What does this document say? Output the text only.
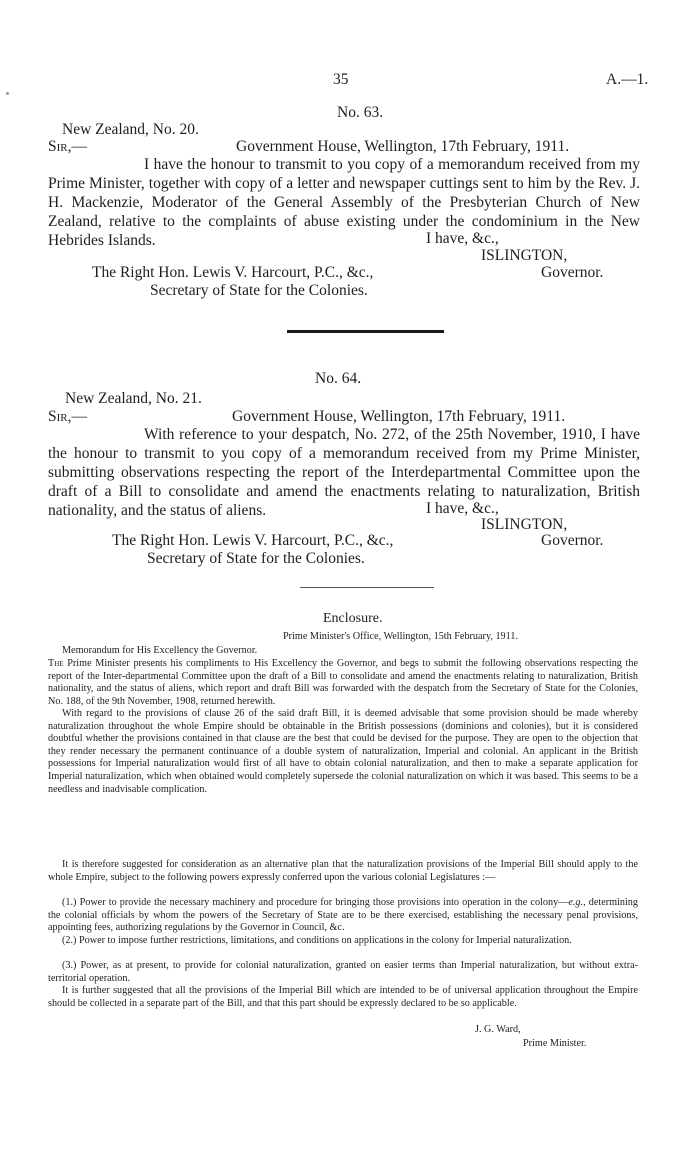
35	A.—1.
No. 63.
New Zealand, No. 20.
Sir,—	Government House, Wellington, 17th February, 1911.
I have the honour to transmit to you copy of a memorandum received from my Prime Minister, together with copy of a letter and newspaper cuttings sent to him by the Rev. J. H. Mackenzie, Moderator of the General Assembly of the Presbyterian Church of New Zealand, relative to the complaints of abuse existing under the condominium in the New Hebrides Islands.	I have, &c.,
ISLINGTON,
The Right Hon. Lewis V. Harcourt, P.C., &c.,	Governor.
Secretary of State for the Colonies.
No. 64.
New Zealand, No. 21.
Sir,—	Government House, Wellington, 17th February, 1911.
With reference to your despatch, No. 272, of the 25th November, 1910, I have the honour to transmit to you copy of a memorandum received from my Prime Minister, submitting observations respecting the report of the Interdepartmental Committee upon the draft of a Bill to consolidate and amend the enactments relating to naturalization, British nationality, and the status of aliens.	I have, &c.,
ISLINGTON,
The Right Hon. Lewis V. Harcourt, P.C., &c.,	Governor.
Secretary of State for the Colonies.
Enclosure.
Prime Minister's Office, Wellington, 15th February, 1911.
Memorandum for His Excellency the Governor.
The Prime Minister presents his compliments to His Excellency the Governor, and begs to submit the following observations respecting the report of the Inter-departmental Committee upon the draft of a Bill to consolidate and amend the enactments relating to naturalization, British nationality, and the status of aliens, which report and draft Bill was forwarded with the despatch from the Secretary of State for the Colonies, No. 188, of the 9th November, 1908, returned herewith.
With regard to the provisions of clause 26 of the said draft Bill, it is deemed advisable that some provision should be made whereby naturalization throughout the whole Empire should be obtainable in the British possessions (dominions and colonies), but it is considered doubtful whether the provisions contained in that clause are the best that could be devised for the purpose. They are open to the objection that they render necessary the permanent continuance of a double system of naturalization, Imperial and colonial. An applicant in the British possessions for Imperial naturalization would first of all have to obtain colonial naturalization, and then to make a separate application for Imperial naturalization, which when obtained would completely supersede the colonial naturalization on which it was based. This seems to be a needless and inadvisable complication.
It is therefore suggested for consideration as an alternative plan that the naturalization provisions of the Imperial Bill should apply to the whole Empire, subject to the following powers expressly conferred upon the various colonial Legislatures :—
(1.) Power to provide the necessary machinery and procedure for bringing those provisions into operation in the colony—e.g., determining the colonial officials by whom the powers of the Secretary of State are to be there exercised, establishing the necessary penal provisions, appointing fees, authorizing regulations by the Governor in Council, &c.
(2.) Power to impose further restrictions, limitations, and conditions on applications in the colony for Imperial naturalization.
(3.) Power, as at present, to provide for colonial naturalization, granted on easier terms than Imperial naturalization, but without extra-territorial operation.
It is further suggested that all the provisions of the Imperial Bill which are intended to be of universal application throughout the Empire should be collected in a separate part of the Bill, and that this part should be expressly declared to be so applicable.
J. G. Ward,
Prime Minister.
